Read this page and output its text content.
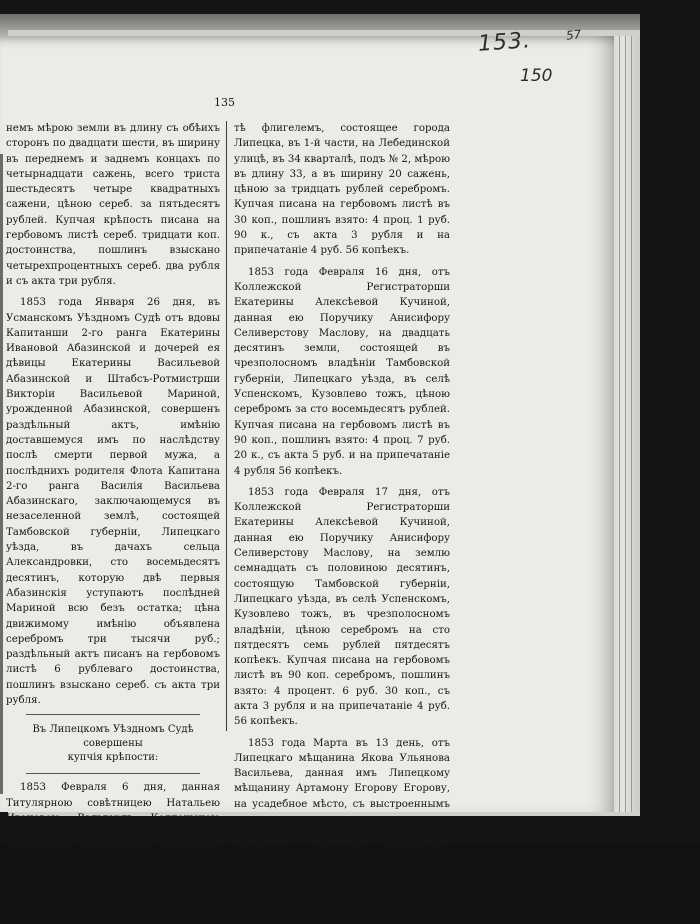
153.	57
150
135

немъ мѣрою земли въ длину съ обѣихъ сторонъ по двадцати шести, въ ширину въ переднемъ и заднемъ концахъ по четырнадцати сажень, всего триста шестьдесятъ четыре квадратныхъ сажени, цѣною сереб. за пятьдесятъ рублей. Купчая крѣпость писана на гербовомъ листѣ сереб. тридцати коп. достоинства, пошлинъ взыскано четырехпроцентныхъ сереб. два рубля и съ акта три рубля.

1853 года Января 26 дня, въ Усманскомъ Уѣздномъ Судѣ отъ вдовы Капитанши 2-го ранга Екатерины Ивановой Абазинской и дочерей ея дѣвицы Екатерины Васильевой Абазинской и Штабсъ-Ротмистрши Викторіи Васильевой Мариной, урожденной Абазинской, совершенъ раздѣльный актъ, имѣнію доставшемуся имъ по наслѣдству послѣ смерти первой мужа, а послѣднихъ родителя Флота Капитана 2-го ранга Василія Васильева Абазинскаго, заключающемуся въ незаселенной землѣ, состоящей Тамбовской губерніи, Липецкаго уѣзда, въ дачахъ сельца Александровки, сто восемьдесятъ десятинъ, которую двѣ первыя Абазинскія уступаютъ послѣдней Мариной всю безъ остатка; цѣна движимому имѣнію объявлена серебромъ три тысячи руб.; раздѣльный актъ писанъ на гербовомъ листѣ 6 рублеваго достоинства, пошлинъ взыскано сереб. съ акта три рубля.

Въ Липецкомъ Уѣздномъ Судѣ совершены
купчія крѣпости:

1853 Февраля 6 дня, данная Титулярною совѣтницею Натальею Ивановою Вальгардъ Коллежскою Секретарю Александрою Ивановою Абазинской, Губернскому Секретарю Филиппу Григорьеву Мачильскому, на усадебное мѣсто съ выстроенными на немъ деревянными на каменномъ фундамен-

тѣ флигелемъ, состоящее города Липецка, въ 1-й части, на Лебединской улицѣ, въ 34 кварталѣ, подъ № 2, мѣрою въ длину 33, а въ ширину 20 сажень, цѣною за тридцать рублей серебромъ. Купчая писана на гербовомъ листѣ въ 30 коп., пошлинъ взято: 4 проц. 1 руб. 90 к., съ акта 3 рубля и на припечатаніе 4 руб. 56 копѣекъ.

1853 года Февраля 16 дня, отъ Коллежской Регистраторши Екатерины Алексѣевой Кучиной, данная ею Поручику Анисифору Селиверстову Маслову, на двадцать десятинъ земли, состоящей въ чрезполосномъ владѣніи Тамбовской губерніи, Липецкаго уѣзда, въ селѣ Успенскомъ, Кузовлево тожъ, цѣною серебромъ за сто восемьдесятъ рублей. Купчая писана на гербовомъ листѣ въ 90 коп., пошлинъ взято: 4 проц. 7 руб. 20 к., съ акта 5 руб. и на припечатаніе 4 рубля 56 копѣекъ.

1853 года Февраля 17 дня, отъ Коллежской Регистраторши Екатерины Алексѣевой Кучиной, данная ею Поручику Анисифору Селиверстову Маслову, на землю семнадцать съ половиною десятинъ, состоящую Тамбовской губерніи, Липецкаго уѣзда, въ селѣ Успенскомъ, Кузовлево тожъ, въ чрезполосномъ владѣніи, цѣною серебромъ на сто пятдесятъ семь рублей пятдесятъ копѣекъ. Купчая писана на гербовомъ листѣ въ 90 коп. серебромъ, пошлинъ взято: 4 процент. 6 руб. 30 коп., съ акта 3 рубля и на припечатаніе 4 руб. 56 копѣекъ.

1853 года Марта въ 13 день, отъ Липецкаго мѣщанина Якова Ульянова Васильева, данная имъ Липецкому мѣщанину Артамону Егорову Егорову, на усадебное мѣсто, съ выстроеннымъ на немъ деревяннымъ на каменномъ фундаментѣ домомъ, каменнымъ выходомъ, амбаромъ, флигелемъ, двумя колодца-
